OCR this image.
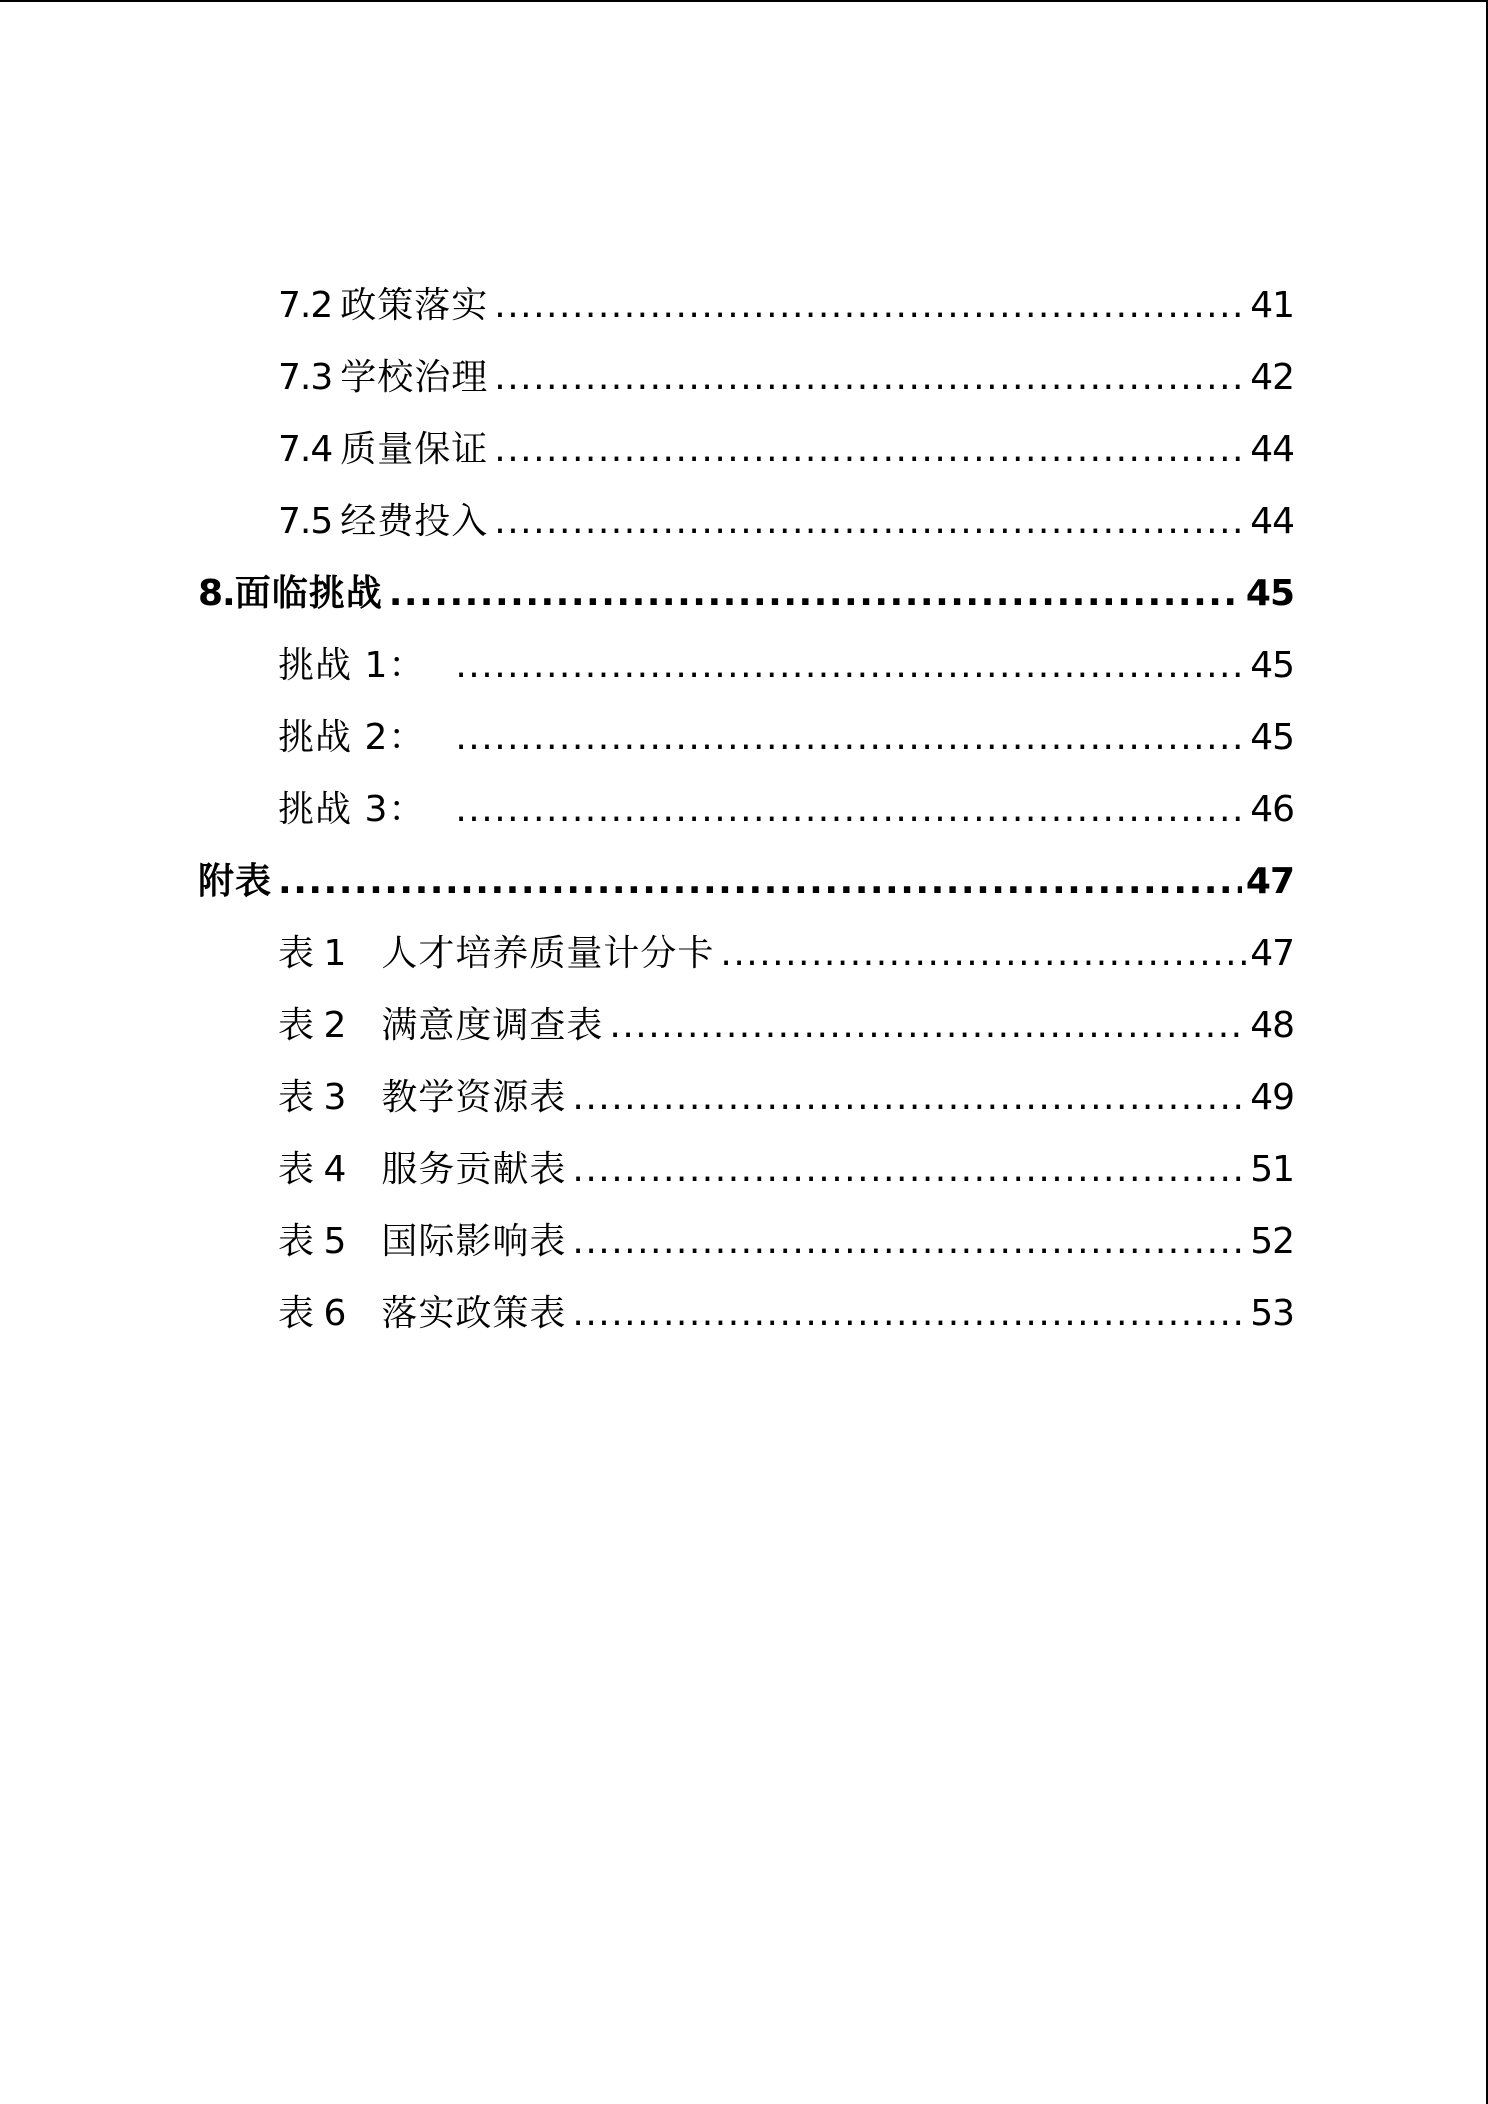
7.2 政策落实 .....	41
7.3 学校治理 .....	42
7.4 质量保证 .....	44
7.5 经费投入 .....	44
8. 面临挑战 .....	45
挑战 1： .....	45
挑战 2： .....	45
挑战 3： .....	46
附表 .....	47
表 1 人才培养质量计分卡 .....	47
表 2 满意度调查表 .....	48
表 3 教学资源表 .....	49
表 4 服务贡献表 .....	51
表 5 国际影响表 .....	52
表 6 落实政策表 .....	53
